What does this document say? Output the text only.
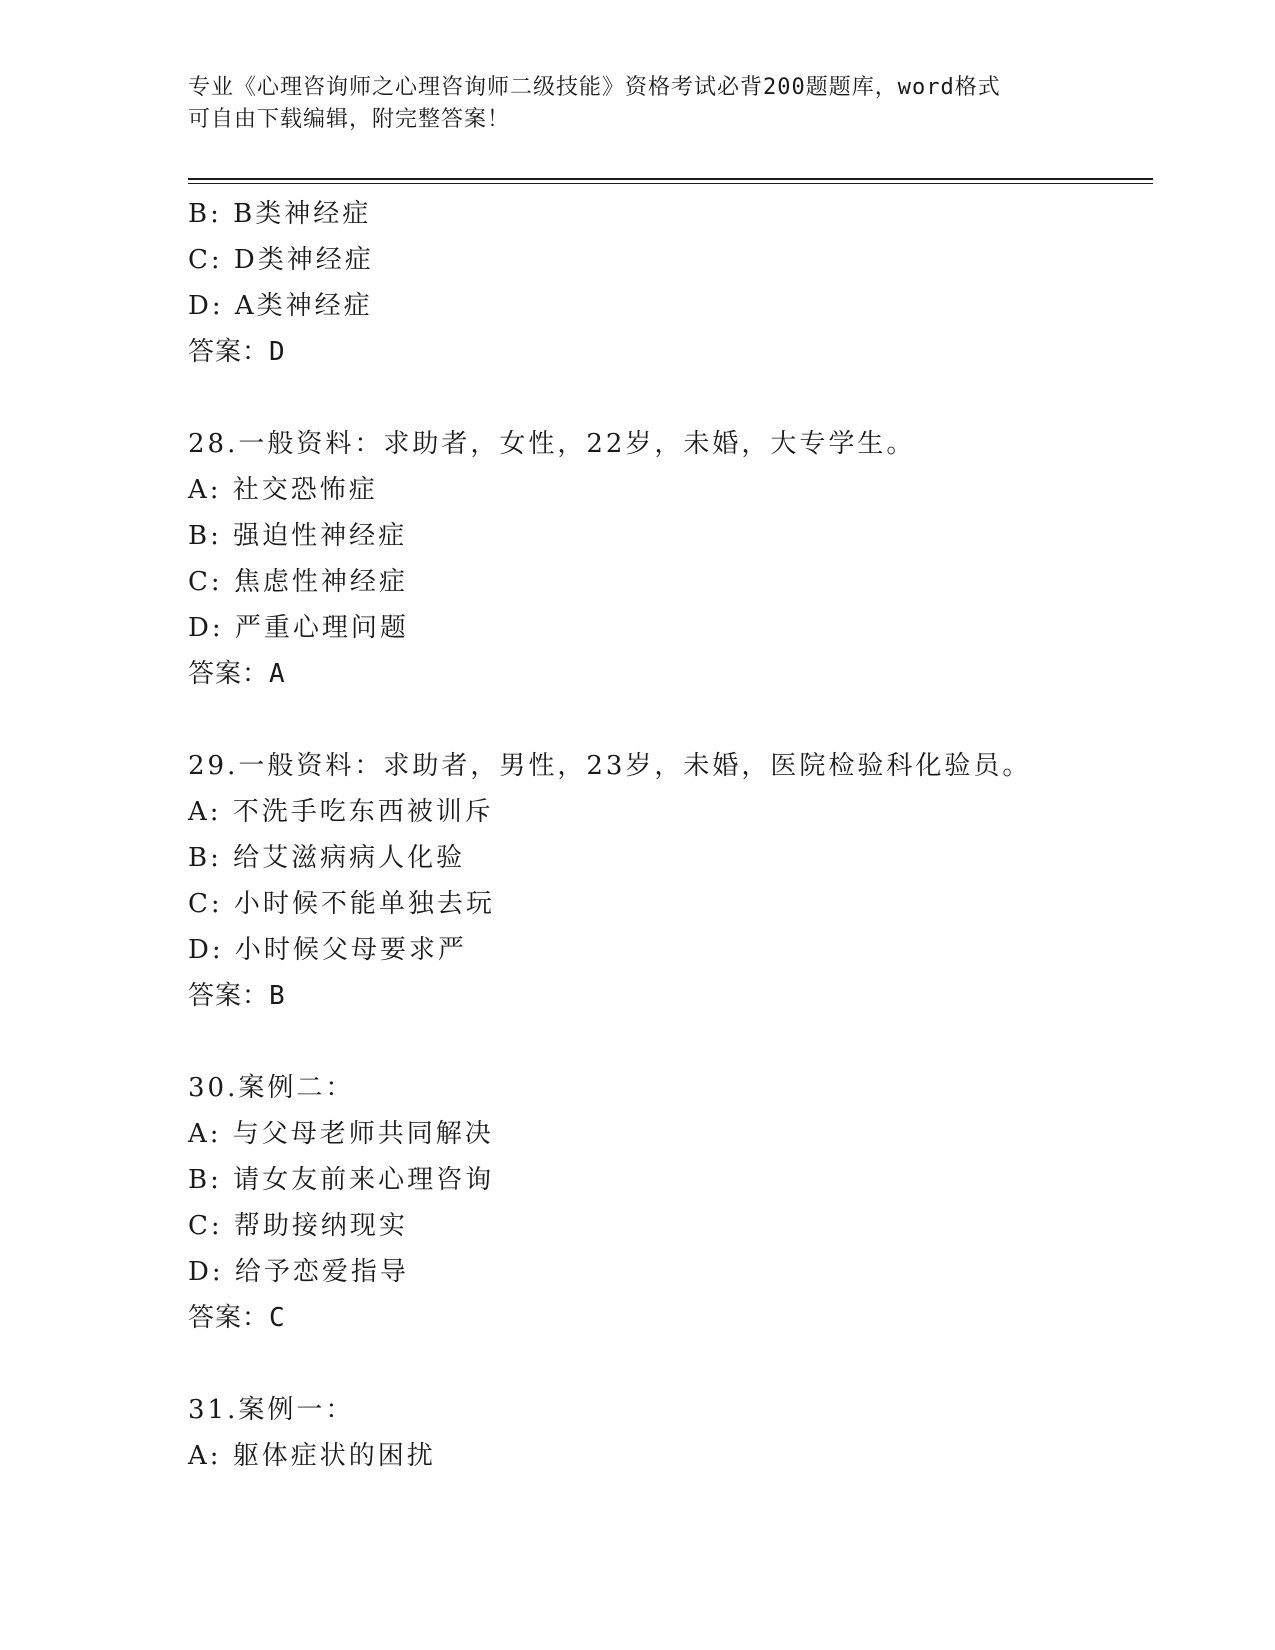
专业《心理咨询师之心理咨询师二级技能》资格考试必背200题题库，word格式
可自由下载编辑，附完整答案！
B: B类神经症
C: D类神经症
D: A类神经症
答案：D
28.一般资料：求助者，女性，22岁，未婚，大专学生。
A: 社交恐怖症
B: 强迫性神经症
C: 焦虑性神经症
D: 严重心理问题
答案：A
29.一般资料：求助者，男性，23岁，未婚，医院检验科化验员。
A: 不洗手吃东西被训斥
B: 给艾滋病病人化验
C: 小时候不能单独去玩
D: 小时候父母要求严
答案：B
30.案例二：
A: 与父母老师共同解决
B: 请女友前来心理咨询
C: 帮助接纳现实
D: 给予恋爱指导
答案：C
31.案例一：
A: 躯体症状的困扰
